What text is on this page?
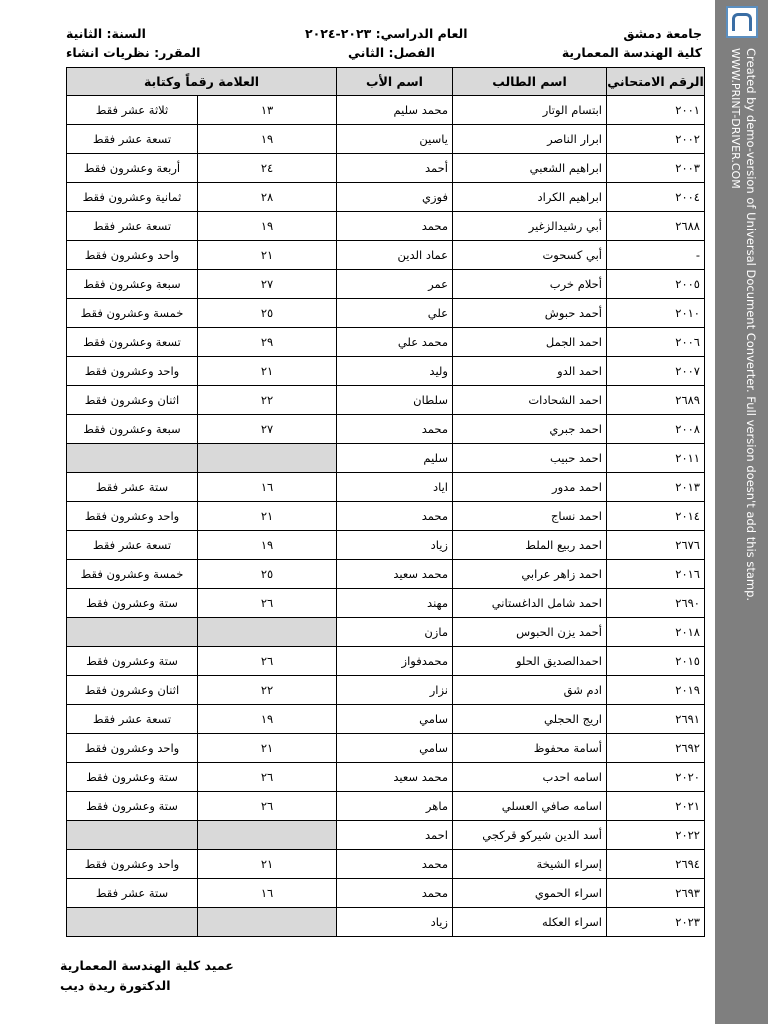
Created by demo-version of Universal Document Converter. Full version doesn't add this stamp.
WWW.PRINT-DRIVER.COM
جامعة دمشق
كلية الهندسة المعمارية
العام الدراسي: ٢٠٢٣-٢٠٢٤
الفصل: الثاني
السنة: الثانية
المقرر: نظريات انشاء
الرقم الامتحاني	اسم الطالب	اسم الأب	العلامة رقماً وكتابة	
٢٠٠١	ابتسام الوتار	محمد سليم	١٣	ثلاثة عشر فقط
٢٠٠٢	ابرار الناصر	ياسين	١٩	تسعة عشر فقط
٢٠٠٣	ابراهيم الشعبي	أحمد	٢٤	أربعة وعشرون فقط
٢٠٠٤	ابراهيم الكراد	فوزي	٢٨	ثمانية وعشرون فقط
٢٦٨٨	أبي رشيدالزغير	محمد	١٩	تسعة عشر فقط
-	أبي كسحوت	عماد الدين	٢١	واحد وعشرون فقط
٢٠٠٥	أحلام خرب	عمر	٢٧	سبعة وعشرون فقط
٢٠١٠	أحمد حبوش	علي	٢٥	خمسة وعشرون فقط
٢٠٠٦	احمد الجمل	محمد علي	٢٩	تسعة وعشرون فقط
٢٠٠٧	احمد الدو	وليد	٢١	واحد وعشرون فقط
٢٦٨٩	احمد الشحادات	سلطان	٢٢	اثنان وعشرون فقط
٢٠٠٨	احمد جبري	محمد	٢٧	سبعة وعشرون فقط
٢٠١١	احمد حبيب	سليم		
٢٠١٣	احمد مدور	اياد	١٦	ستة عشر فقط
٢٠١٤	احمد نساج	محمد	٢١	واحد وعشرون فقط
٢٦٧٦	احمد ربيع الملط	زياد	١٩	تسعة عشر فقط
٢٠١٦	احمد زاهر عرابي	محمد سعيد	٢٥	خمسة وعشرون فقط
٢٦٩٠	احمد شامل الداغستاني	مهند	٢٦	ستة وعشرون فقط
٢٠١٨	أحمد يزن الحبوس	مازن		
٢٠١٥	احمدالصديق الحلو	محمدفواز	٢٦	ستة وعشرون فقط
٢٠١٩	ادم شق	نزار	٢٢	اثنان وعشرون فقط
٢٦٩١	اريج الحجلي	سامي	١٩	تسعة عشر فقط
٢٦٩٢	أسامة محفوظ	سامي	٢١	واحد وعشرون فقط
٢٠٢٠	اسامه احدب	محمد سعيد	٢٦	ستة وعشرون فقط
٢٠٢١	اسامه صافي العسلي	ماهر	٢٦	ستة وعشرون فقط
٢٠٢٢	أسد الدين شيركو قركجي	احمد		
٢٦٩٤	إسراء الشيخة	محمد	٢١	واحد وعشرون فقط
٢٦٩٣	اسراء الحموي	محمد	١٦	ستة عشر فقط
٢٠٢٣	اسراء العكله	زياد		
عميد كلية الهندسة المعمارية
الدكتورة ريدة ديب
